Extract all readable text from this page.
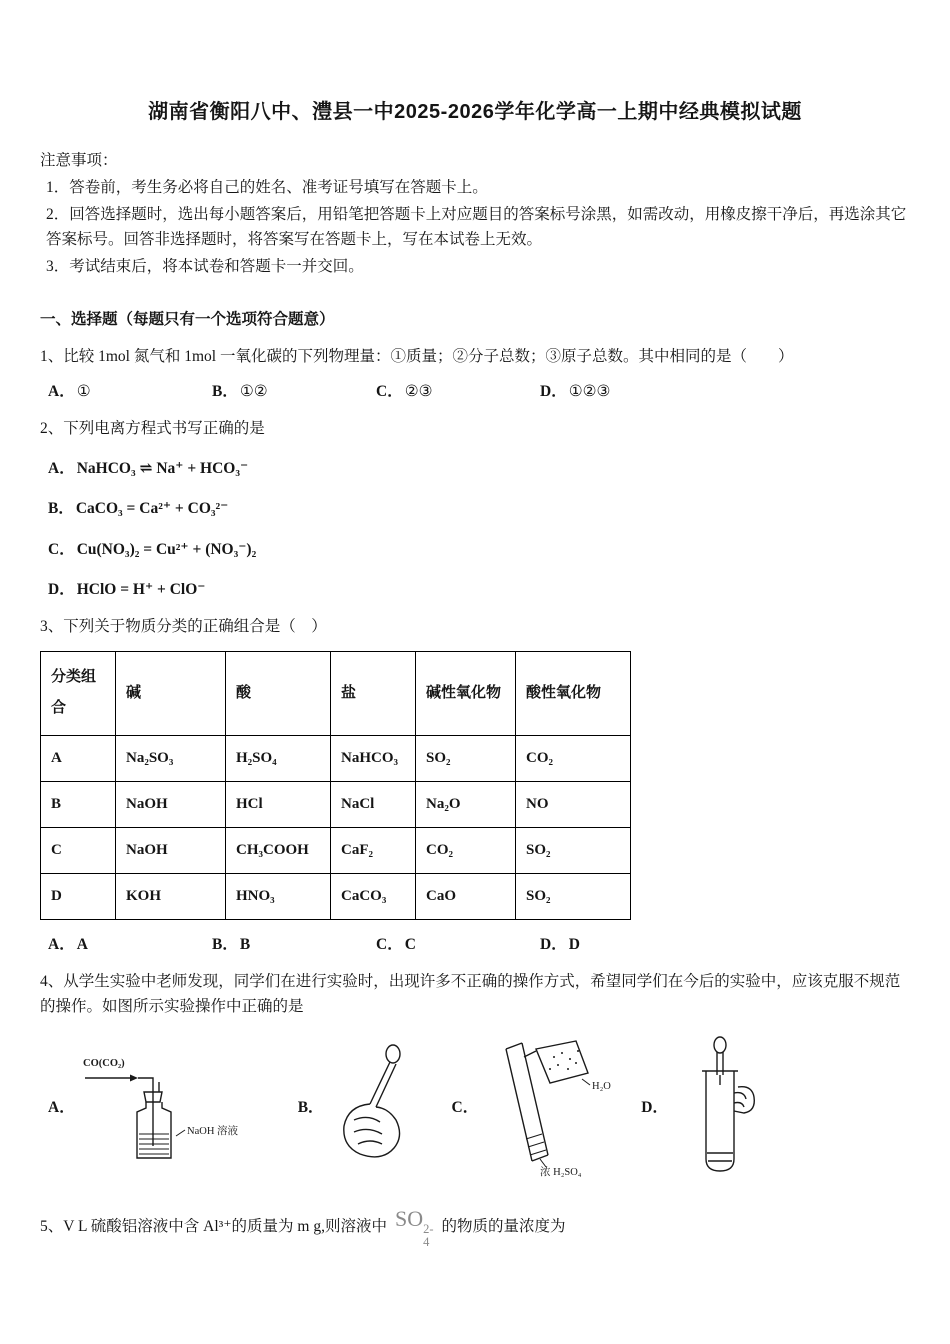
湖南省衡阳八中、澧县一中2025-2026学年化学高一上期中经典模拟试题
注意事项：
1．答卷前，考生务必将自己的姓名、准考证号填写在答题卡上。
2．回答选择题时，选出每小题答案后，用铅笔把答题卡上对应题目的答案标号涂黑，如需改动，用橡皮擦干净后，再选涂其它答案标号。回答非选择题时，将答案写在答题卡上，写在本试卷上无效。
3．考试结束后，将本试卷和答题卡一并交回。
一、选择题（每题只有一个选项符合题意）
1、比较 1mol 氮气和 1mol 一氧化碳的下列物理量：①质量；②分子总数；③原子总数。其中相同的是（　　）
A． ①	B． ①②	C． ②③	D． ①②③
2、下列电离方程式书写正确的是
A． NaHCO₃ ⇌ Na⁺ + HCO₃⁻
B． CaCO₃ = Ca²⁺ + CO₃²⁻
C． Cu(NO₃)₂ = Cu²⁺ + (NO₃⁻)₂
D． HClO = H⁺ + ClO⁻
3、下列关于物质分类的正确组合是（　）
分类组合	碱	酸	盐	碱性氧化物	酸性氧化物
A	Na₂SO₃	H₂SO₄	NaHCO₃	SO₂	CO₂
B	NaOH	HCl	NaCl	Na₂O	NO
C	NaOH	CH₃COOH	CaF₂	CO₂	SO₂
D	KOH	HNO₃	CaCO₃	CaO	SO₂
A． A	B． B	C． C	D． D
4、从学生实验中老师发现，同学们在进行实验时，出现许多不正确的操作方式，希望同学们在今后的实验中，应该克服不规范的操作。如图所示实验操作中正确的是
A．
CO(CO₂)
NaOH 溶液
B．	C．
H₂O
浓 H₂SO₄
D．
5、V L 硫酸铝溶液中含 Al³⁺的质量为 m g,则溶液中 SO 2-
4
的物质的量浓度为
